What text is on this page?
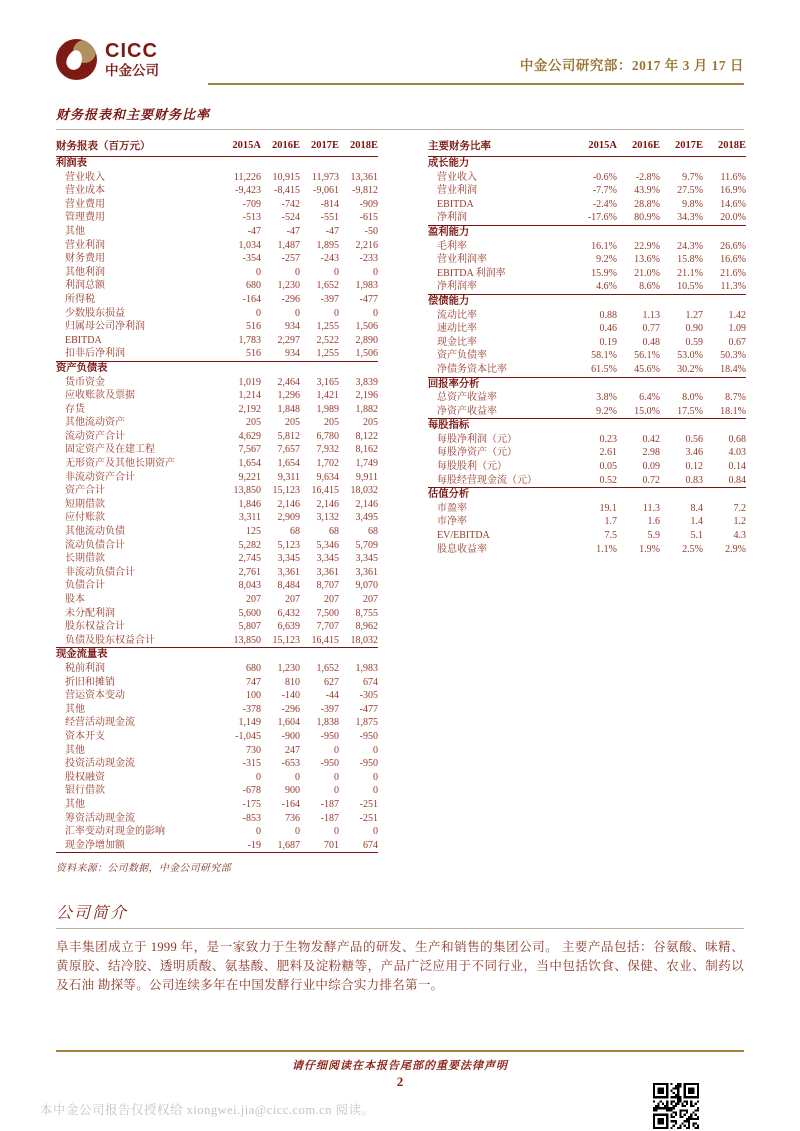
CICC
中金公司	中金公司研究部：2017 年 3 月 17 日
财务报表和主要财务比率
财务报表（百万元）	2015A	2016E	2017E	2018E
利润表				
营业收入	11,226	10,915	11,973	13,361
营业成本	-9,423	-8,415	-9,061	-9,812
营业费用	-709	-742	-814	-909
管理费用	-513	-524	-551	-615
其他	-47	-47	-47	-50
营业利润	1,034	1,487	1,895	2,216
财务费用	-354	-257	-243	-233
其他利润	0	0	0	0
利润总额	680	1,230	1,652	1,983
所得税	-164	-296	-397	-477
少数股东损益	0	0	0	0
归属母公司净利润	516	934	1,255	1,506
EBITDA	1,783	2,297	2,522	2,890
扣非后净利润	516	934	1,255	1,506
资产负债表				
货币资金	1,019	2,464	3,165	3,839
应收账款及票据	1,214	1,296	1,421	2,196
存货	2,192	1,848	1,989	1,882
其他流动资产	205	205	205	205
流动资产合计	4,629	5,812	6,780	8,122
固定资产及在建工程	7,567	7,657	7,932	8,162
无形资产及其他长期资产	1,654	1,654	1,702	1,749
非流动资产合计	9,221	9,311	9,634	9,911
资产合计	13,850	15,123	16,415	18,032
短期借款	1,846	2,146	2,146	2,146
应付账款	3,311	2,909	3,132	3,495
其他流动负债	125	68	68	68
流动负债合计	5,282	5,123	5,346	5,709
长期借款	2,745	3,345	3,345	3,345
非流动负债合计	2,761	3,361	3,361	3,361
负债合计	8,043	8,484	8,707	9,070
股本	207	207	207	207
未分配利润	5,600	6,432	7,500	8,755
股东权益合计	5,807	6,639	7,707	8,962
负债及股东权益合计	13,850	15,123	16,415	18,032
现金流量表				
税前利润	680	1,230	1,652	1,983
折旧和摊销	747	810	627	674
营运资本变动	100	-140	-44	-305
其他	-378	-296	-397	-477
经营活动现金流	1,149	1,604	1,838	1,875
资本开支	-1,045	-900	-950	-950
其他	730	247	0	0
投资活动现金流	-315	-653	-950	-950
股权融资	0	0	0	0
银行借款	-678	900	0	0
其他	-175	-164	-187	-251
筹资活动现金流	-853	736	-187	-251
汇率变动对现金的影响	0	0	0	0
现金净增加额	-19	1,687	701	674
资料来源：公司数据，中金公司研究部
主要财务比率	2015A	2016E	2017E	2018E
成长能力				
营业收入	-0.6%	-2.8%	9.7%	11.6%
营业利润	-7.7%	43.9%	27.5%	16.9%
EBITDA	-2.4%	28.8%	9.8%	14.6%
净利润	-17.6%	80.9%	34.3%	20.0%
盈利能力				
毛利率	16.1%	22.9%	24.3%	26.6%
营业利润率	9.2%	13.6%	15.8%	16.6%
EBITDA 利润率	15.9%	21.0%	21.1%	21.6%
净利润率	4.6%	8.6%	10.5%	11.3%
偿债能力				
流动比率	0.88	1.13	1.27	1.42
速动比率	0.46	0.77	0.90	1.09
现金比率	0.19	0.48	0.59	0.67
资产负债率	58.1%	56.1%	53.0%	50.3%
净债务资本比率	61.5%	45.6%	30.2%	18.4%
回报率分析				
总资产收益率	3.8%	6.4%	8.0%	8.7%
净资产收益率	9.2%	15.0%	17.5%	18.1%
每股指标				
每股净利润（元）	0.23	0.42	0.56	0.68
每股净资产（元）	2.61	2.98	3.46	4.03
每股股利（元）	0.05	0.09	0.12	0.14
每股经营现金流（元）	0.52	0.72	0.83	0.84
估值分析				
市盈率	19.1	11.3	8.4	7.2
市净率	1.7	1.6	1.4	1.2
EV/EBITDA	7.5	5.9	5.1	4.3
股息收益率	1.1%	1.9%	2.5%	2.9%
公司简介
阜丰集团成立于 1999 年，是一家致力于生物发酵产品的研发、生产和销售的集团公司。 主要产品包括：谷氨酸、味精、黄原胶、结冷胶、透明质酸、氨基酸、肥料及淀粉糖等，产品广泛应用于不同行业，当中包括饮食、保健、农业、制药以及石油 勘探等。公司连续多年在中国发酵行业中综合实力排名第一。
请仔细阅读在本报告尾部的重要法律声明
2
本中金公司报告仅授权给 xiongwei.jia@cicc.com.cn 阅读。
